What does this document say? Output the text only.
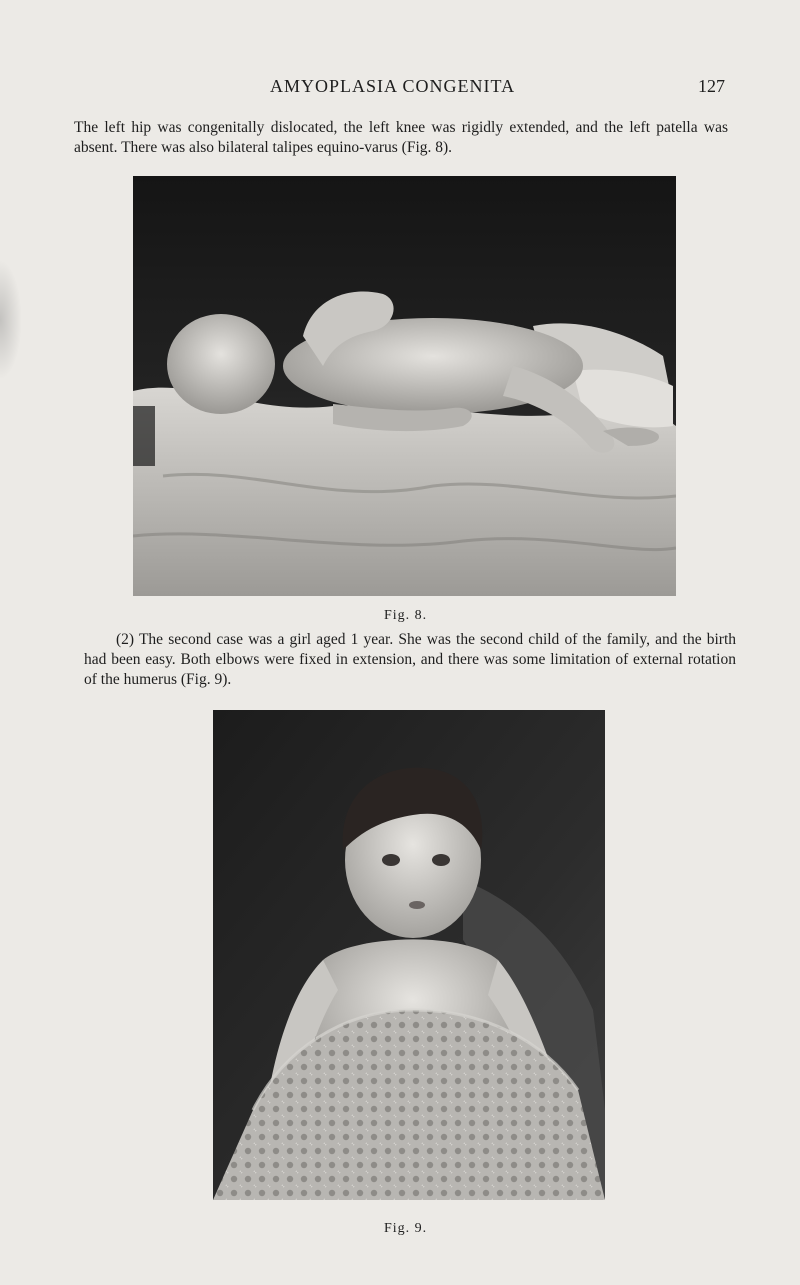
AMYOPLASIA CONGENITA	127

The left hip was congenitally dislocated, the left knee was rigidly extended, and the left patella was absent. There was also bilateral talipes equino-varus (Fig. 8).

Fig. 8.

(2) The second case was a girl aged 1 year. She was the second child of the family, and the birth had been easy. Both elbows were fixed in extension, and there was some limitation of external rotation of the humerus (Fig. 9).

Fig. 9.
